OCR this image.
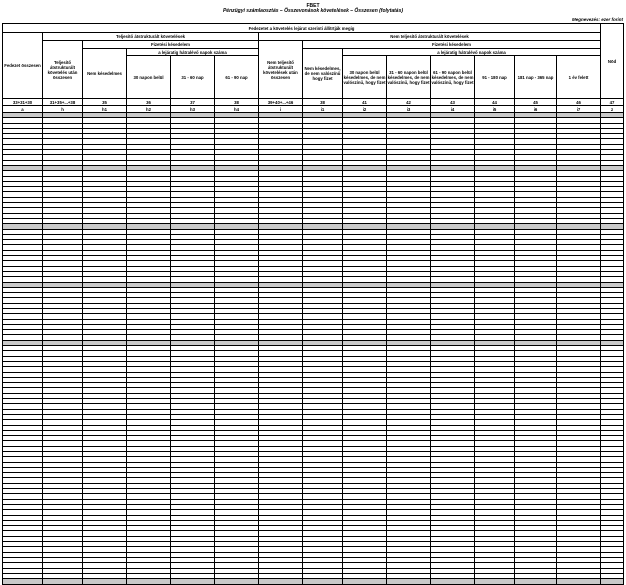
FBET
Pénzügyi számlaosztás – Összevonások követelések – Összesen (folytatás)
Megnevezés: ezer forint
Fedezetet a követelés lejárat szerinti állítrtják megig														Nöd
Fedezet összesen	Teljesítő átstrukturált követelések					Nem teljesítő átstrukturált követelések								
	Teljesítő átstrukturált követelés után összesen	Fizetési késedelem				Nem teljesítő átstrukturált követelések után összesen	Fizetési késedelem							
		Nem késedelmes	a lejáratig hátralévő napok száma				Nem késedelmes, de nem valószínű hogy fizet	a lejáratig hátralévő napok száma						
			30 napon belül	31 - 60 nap	61 - 90 nap			30 napon belül késedelmes, de nem valószínű, hogy fizet	31 - 60 napon belül késedelmes, de nem valószínű, hogy fizet	61 - 90 napon belül késedelmes, de nem valószínű, hogy fizet	91 - 180 nap	181 nap - 365 nap	1 év felett	
33+31+30	31+35+...+38	35	36	37	38	39+40+...+46	38	41	42	43	44	45	46	47
a	h	h1	h2	h3	h4	i	i1	i2	i3	i4	i5	i6	i7	z
